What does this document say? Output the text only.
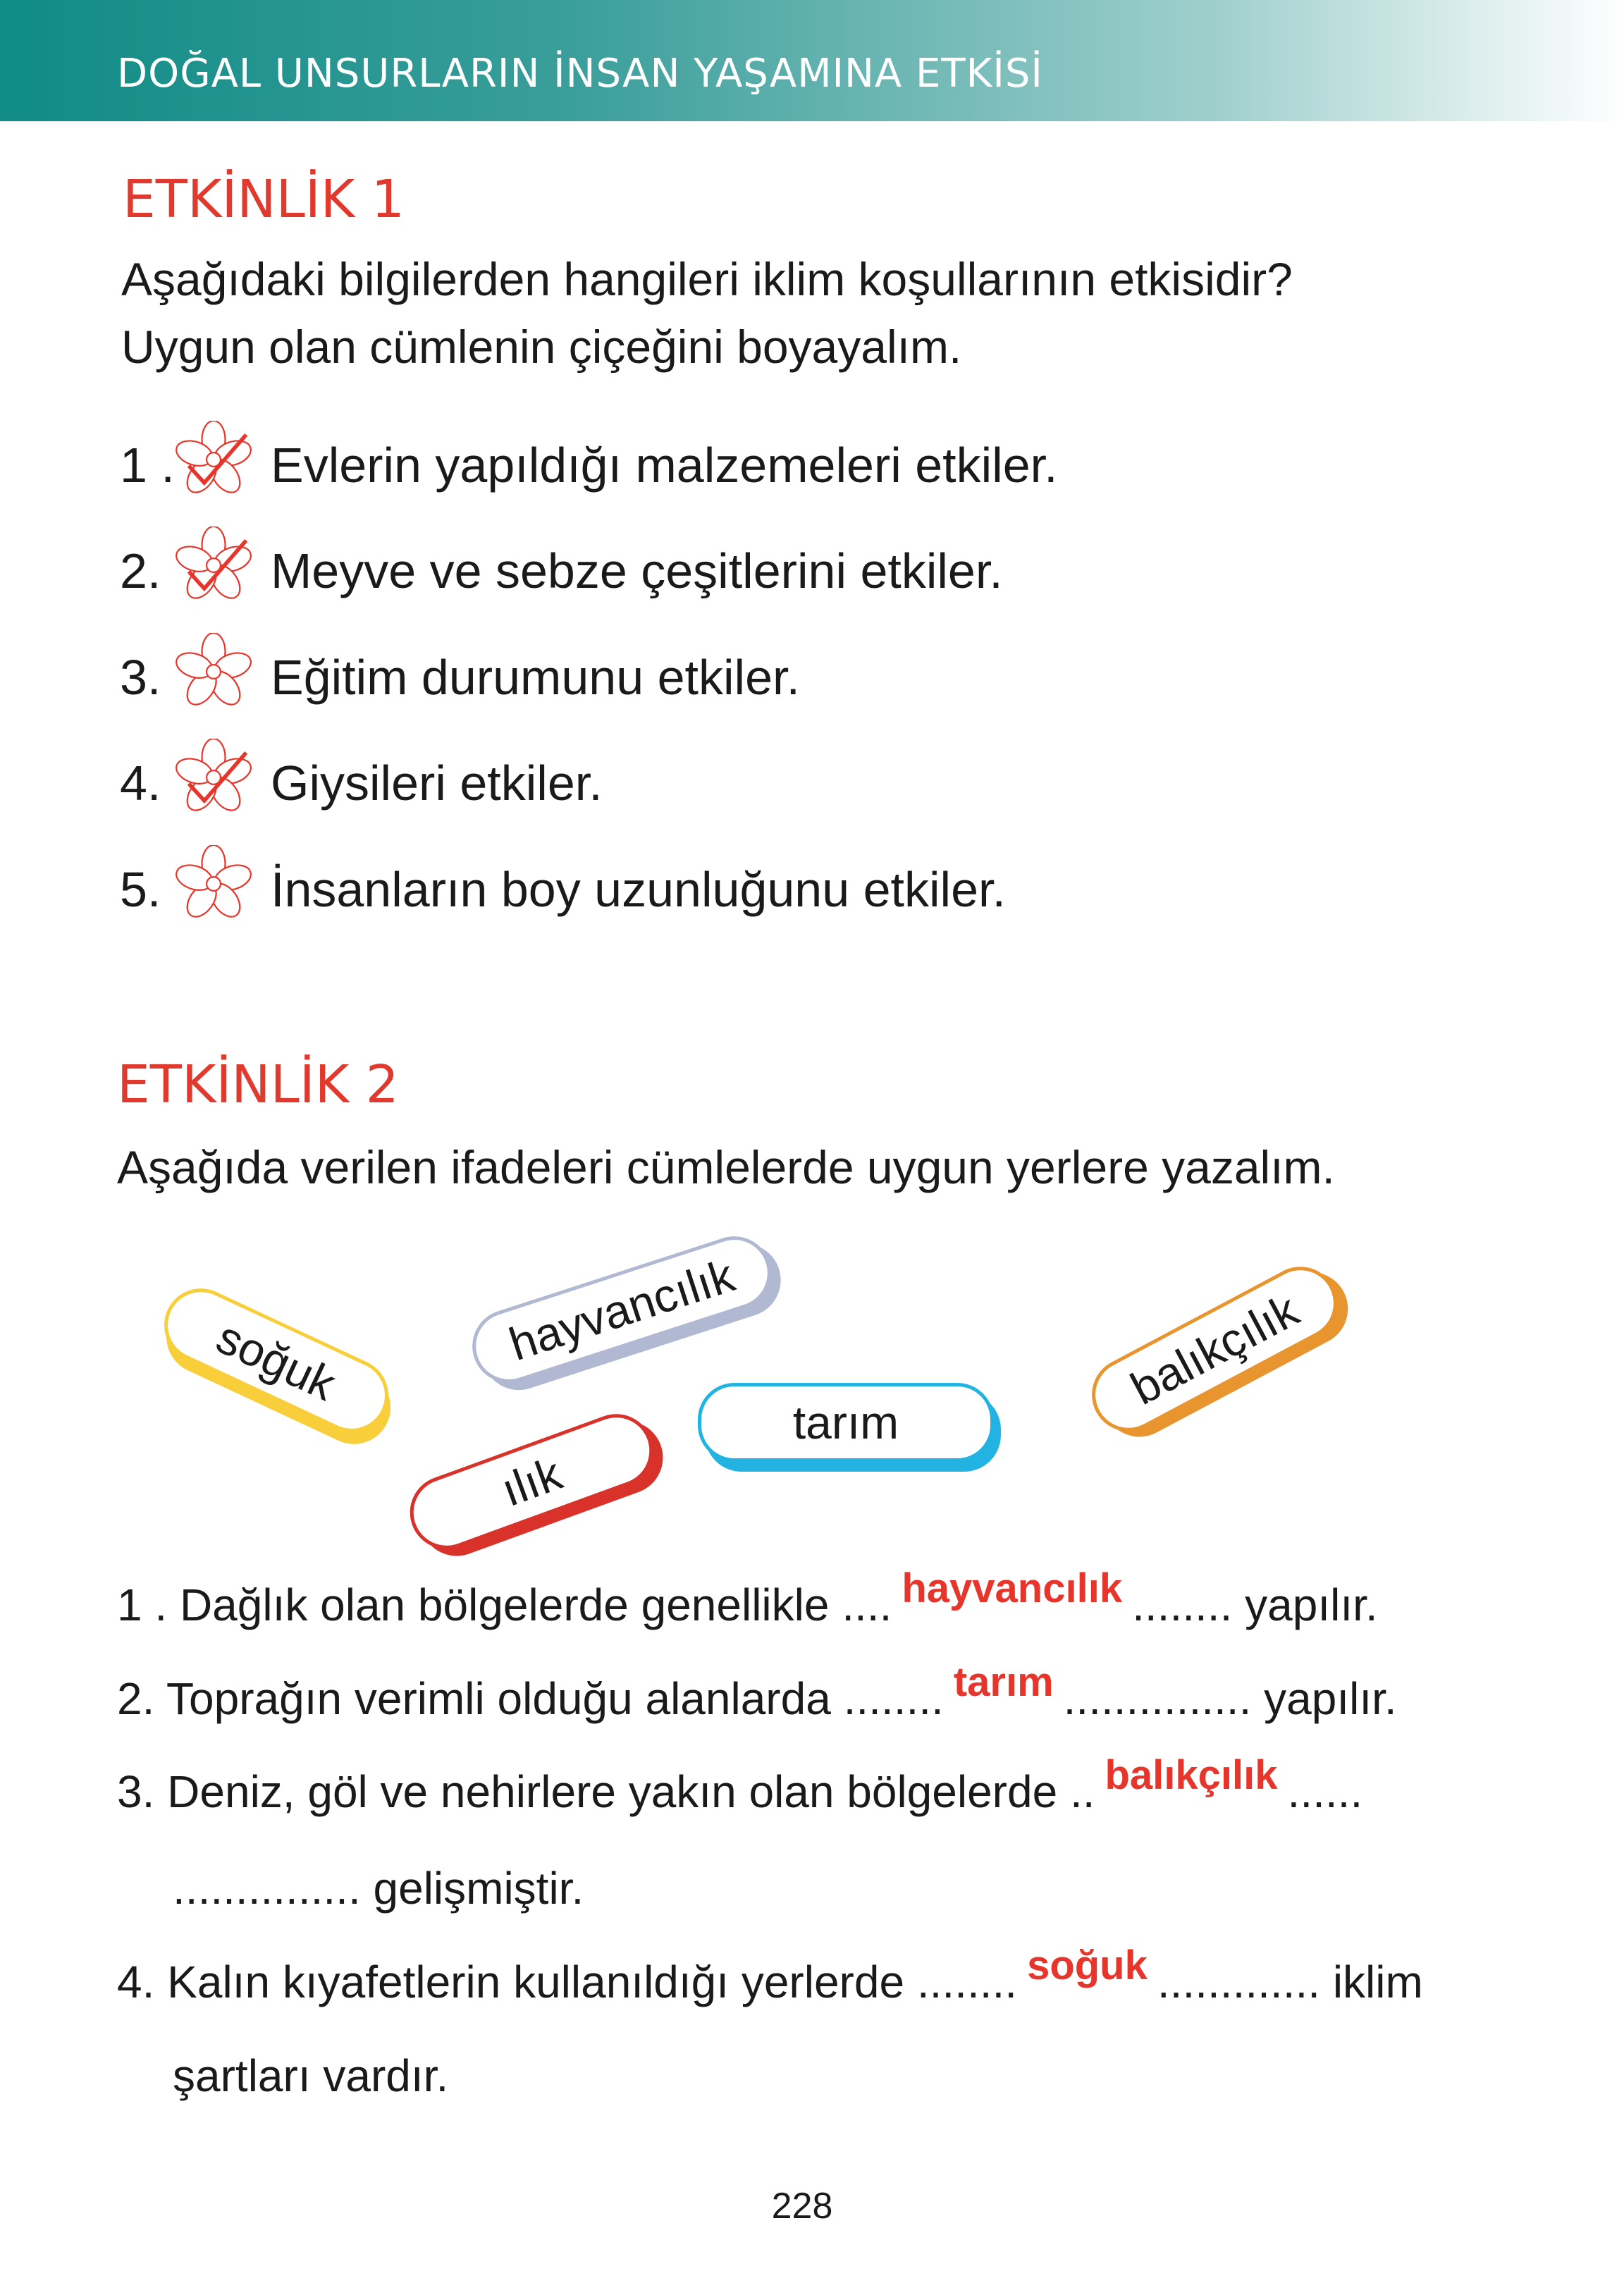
DOĞAL UNSURLARIN İNSAN YAŞAMINA ETKİSİ
ETKİNLİK 1
Aşağıdaki bilgilerden hangileri iklim koşullarının etkisidir?
Uygun olan cümlenin çiçeğini boyayalım.
1 . Evlerin yapıldığı malzemeleri etkiler.
2. Meyve ve sebze çeşitlerini etkiler.
3. Eğitim durumunu etkiler.
4. Giysileri etkiler.
5. İnsanların boy uzunluğunu etkiler.
ETKİNLİK 2
Aşağıda verilen ifadeleri cümlelerde uygun yerlere yazalım.
soğuk	hayvancılık	balıkçılık
tarım
ılık
1 . Dağlık olan bölgelerde genellikle .... hayvancılık ........ yapılır.
2. Toprağın verimli olduğu alanlarda ........ tarım ............... yapılır.
3. Deniz, göl ve nehirlere yakın olan bölgelerde .. balıkçılık ......
............... gelişmiştir.
4. Kalın kıyafetlerin kullanıldığı yerlerde ........ soğuk ............. iklim
şartları vardır.
228
